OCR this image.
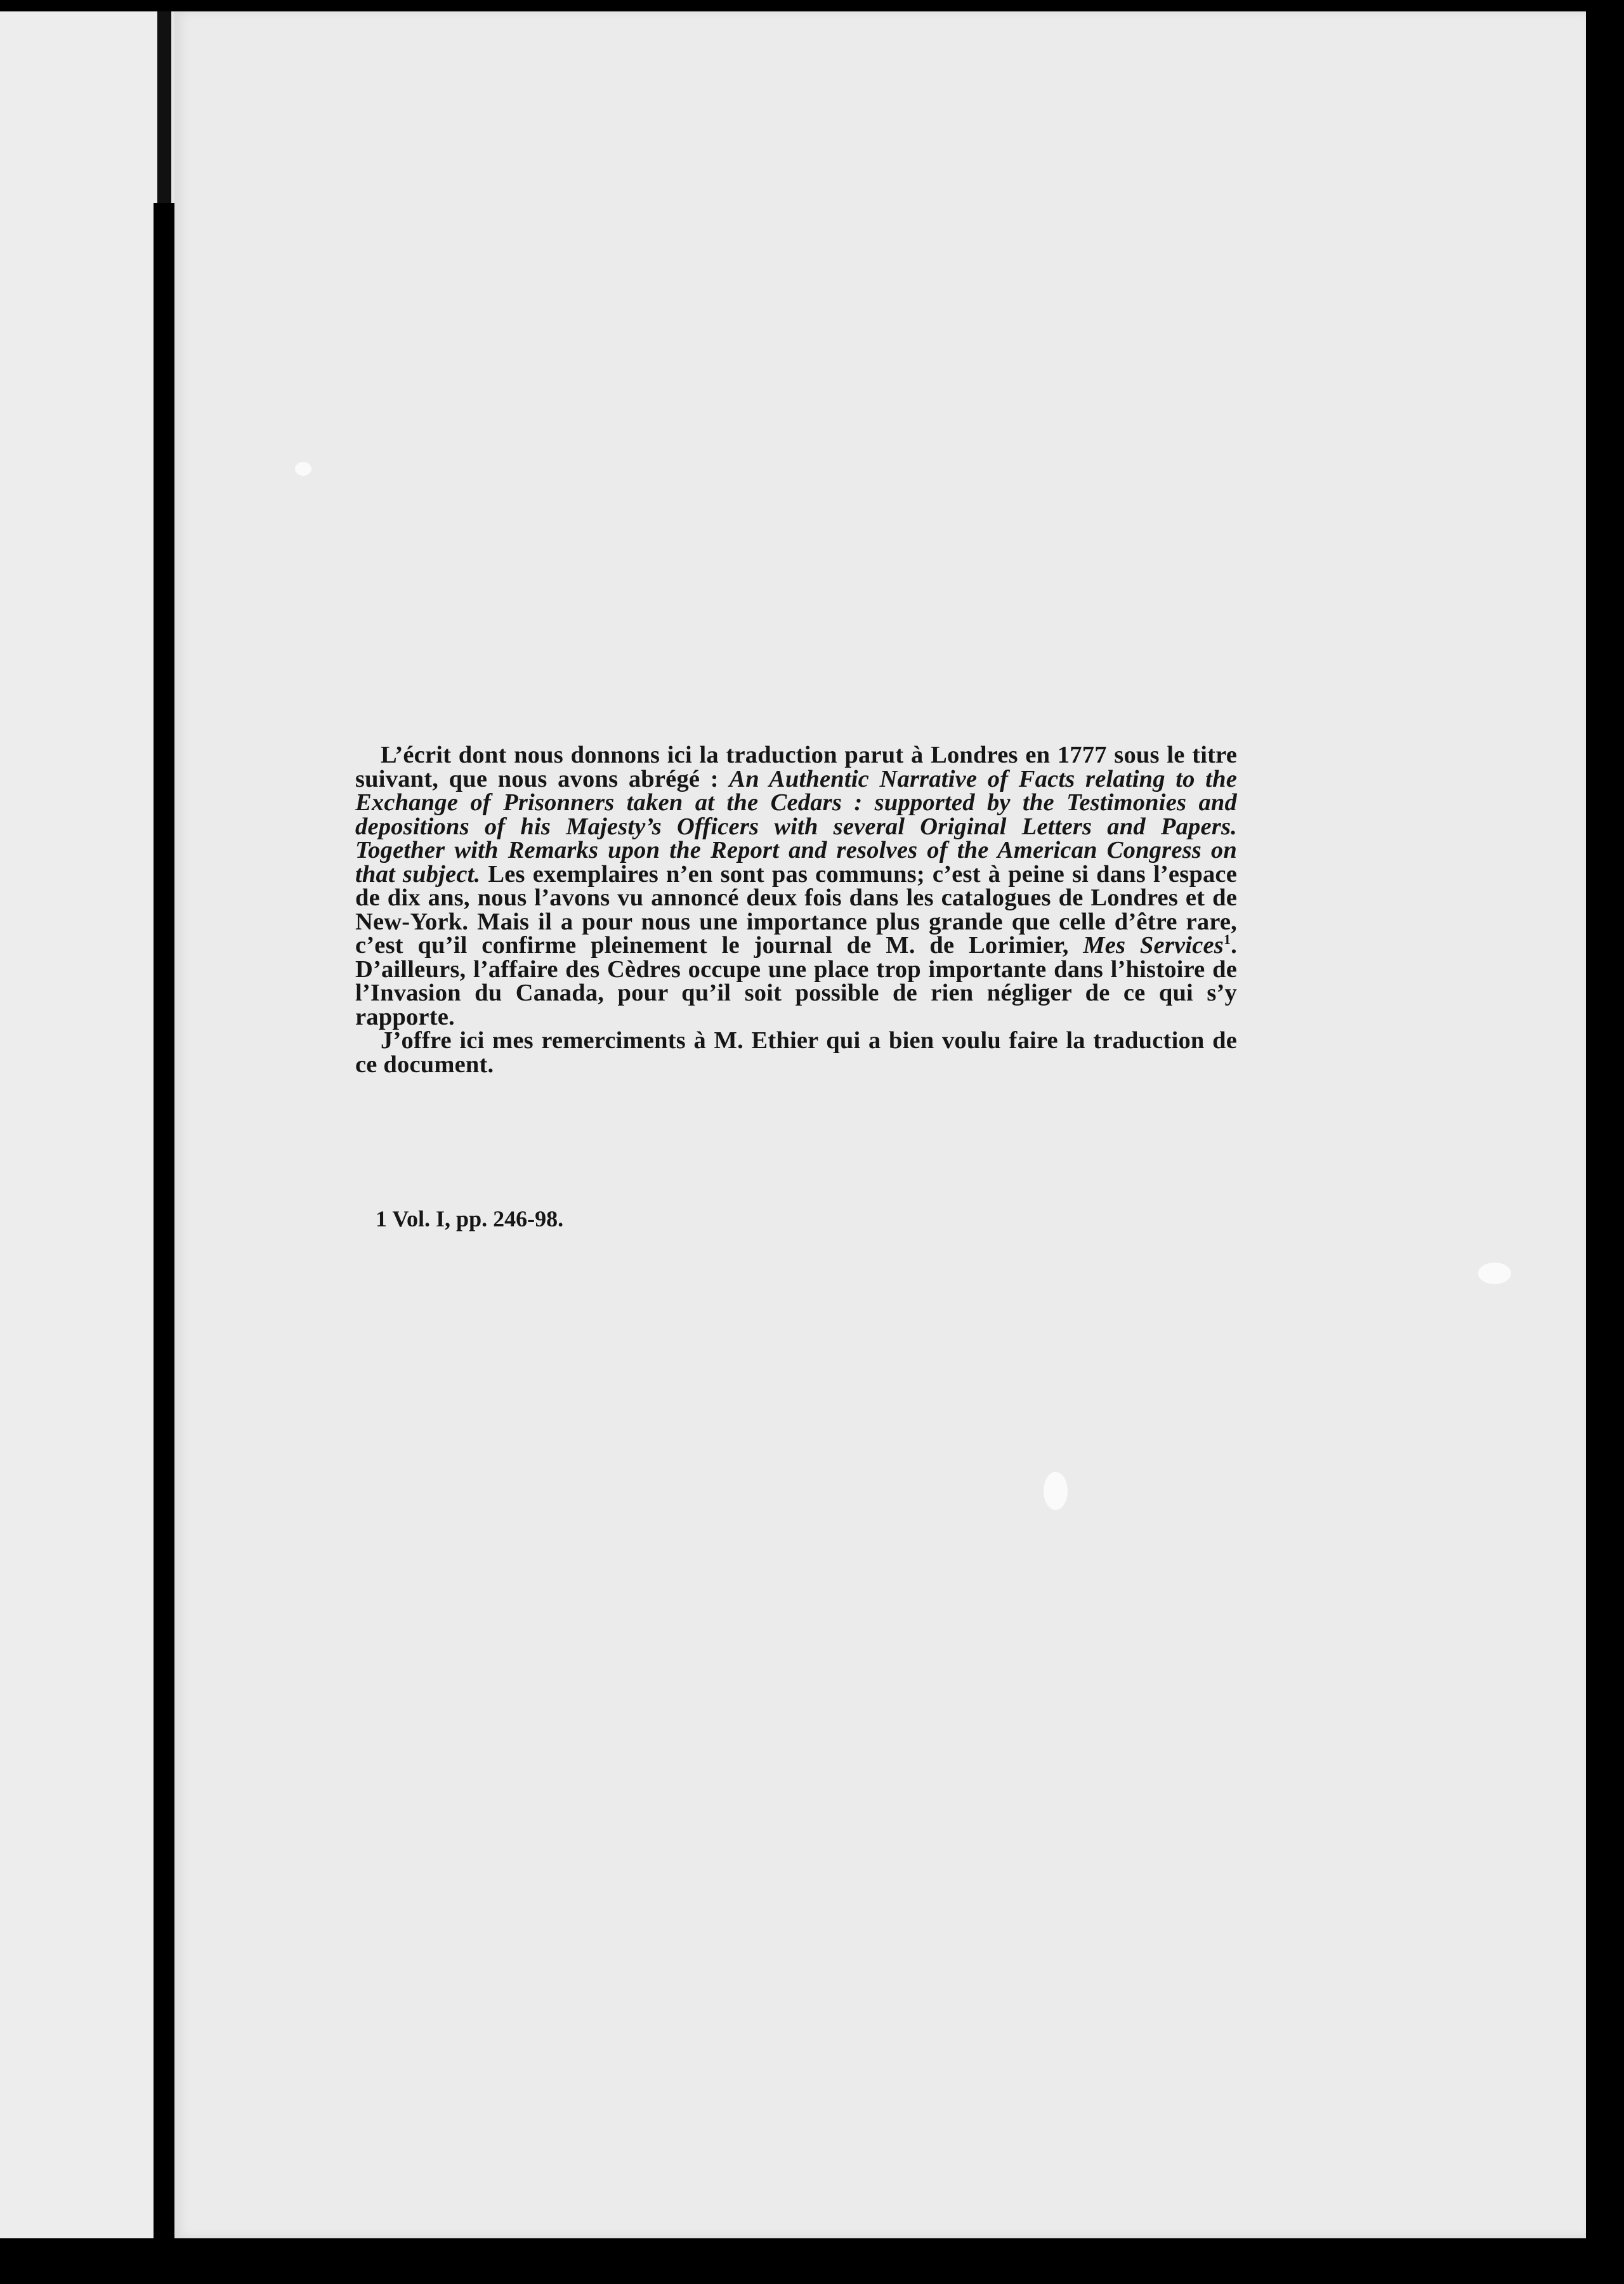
L’écrit dont nous donnons ici la traduction parut à Londres en 1777 sous le titre suivant, que nous avons abrégé : An Authentic Narrative of Facts relating to the Exchange of Prisonners taken at the Cedars : supported by the Testimonies and depositions of his Majesty’s Officers with several Original Letters and Papers. Together with Remarks upon the Report and resolves of the American Congress on that subject. Les exemplaires n’en sont pas communs; c’est à peine si dans l’espace de dix ans, nous l’avons vu annoncé deux fois dans les catalogues de Londres et de New-York. Mais il a pour nous une importance plus grande que celle d’être rare, c’est qu’il confirme pleinement le journal de M. de Lorimier, Mes Services$^1$. D’ailleurs, l’affaire des Cèdres occupe une place trop importante dans l’histoire de l’Invasion du Canada, pour qu’il soit possible de rien négliger de ce qui s’y rapporte.

J’offre ici mes remerciments à M. Ethier qui a bien voulu faire la traduction de ce document.

1 Vol. I, pp. 246-98.
